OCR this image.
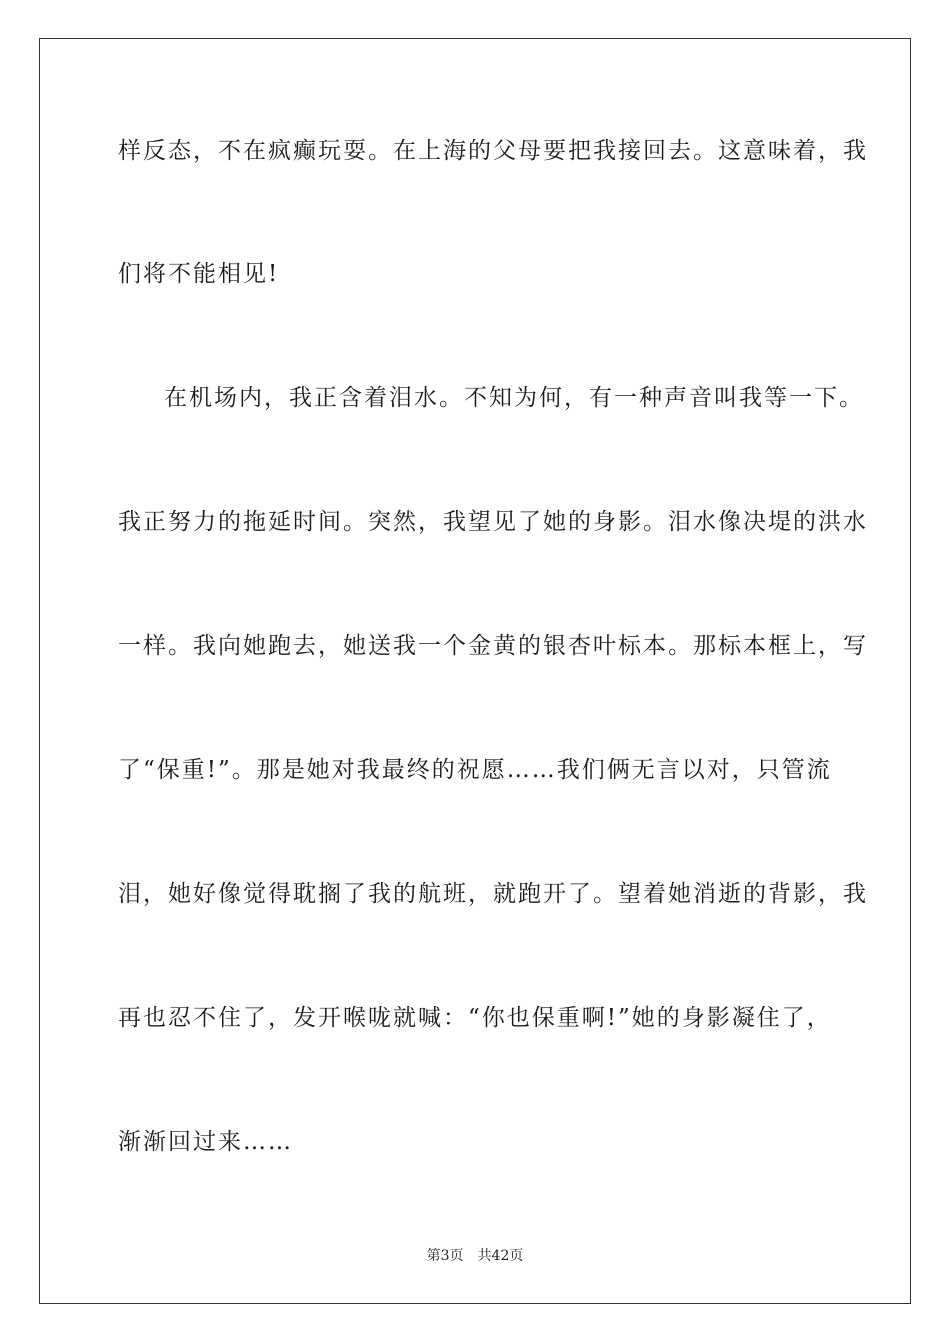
样反态，不在疯癫玩耍。在上海的父母要把我接回去。这意味着，我
们将不能相见!
在机场内，我正含着泪水。不知为何，有一种声音叫我等一下。
我正努力的拖延时间。突然，我望见了她的身影。泪水像决堤的洪水
一样。我向她跑去，她送我一个金黄的银杏叶标本。那标本框上，写
了“保重!”。那是她对我最终的祝愿……我们俩无言以对，只管流
泪，她好像觉得耽搁了我的航班，就跑开了。望着她消逝的背影，我
再也忍不住了，发开喉咙就喊：“你也保重啊!”她的身影凝住了，
渐渐回过来……
第3页 共42页
